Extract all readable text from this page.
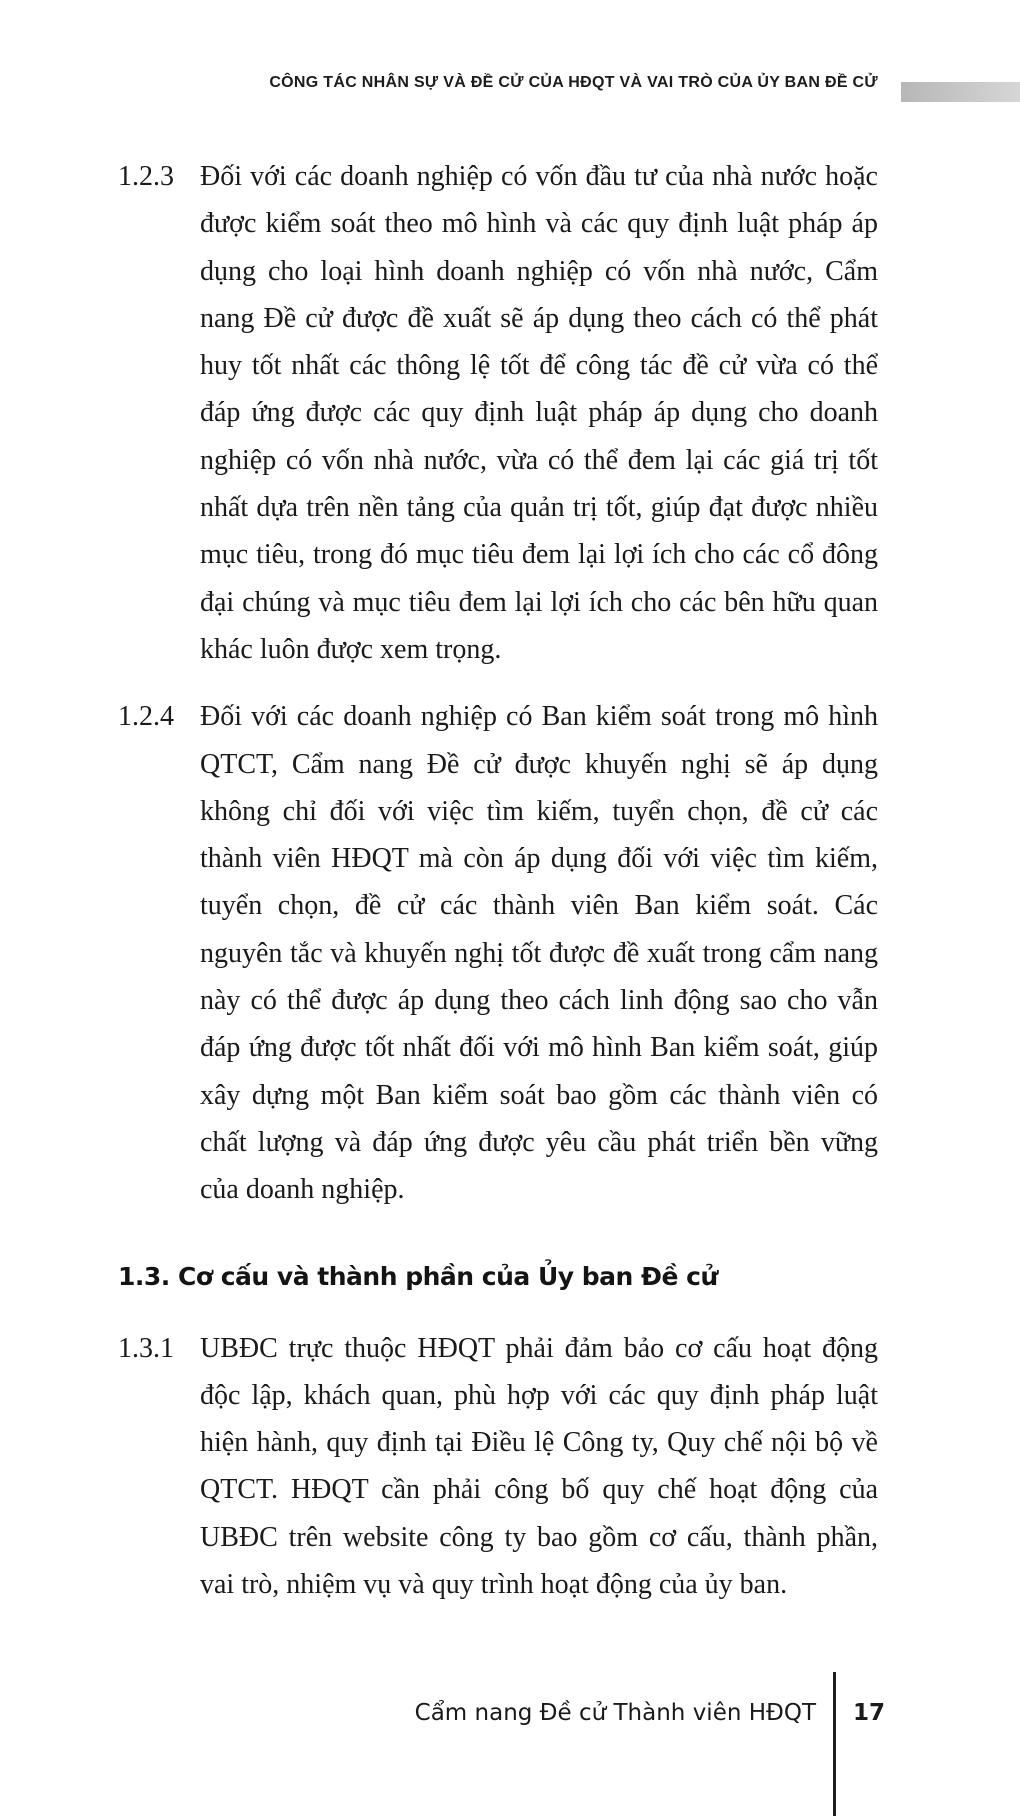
CÔNG TÁC NHÂN SỰ VÀ ĐỀ CỬ CỦA HĐQT VÀ VAI TRÒ CỦA ỦY BAN ĐỀ CỬ
1.2.3 Đối với các doanh nghiệp có vốn đầu tư của nhà nước hoặc được kiểm soát theo mô hình và các quy định luật pháp áp dụng cho loại hình doanh nghiệp có vốn nhà nước, Cẩm nang Đề cử được đề xuất sẽ áp dụng theo cách có thể phát huy tốt nhất các thông lệ tốt để công tác đề cử vừa có thể đáp ứng được các quy định luật pháp áp dụng cho doanh nghiệp có vốn nhà nước, vừa có thể đem lại các giá trị tốt nhất dựa trên nền tảng của quản trị tốt, giúp đạt được nhiều mục tiêu, trong đó mục tiêu đem lại lợi ích cho các cổ đông đại chúng và mục tiêu đem lại lợi ích cho các bên hữu quan khác luôn được xem trọng.
1.2.4 Đối với các doanh nghiệp có Ban kiểm soát trong mô hình QTCT, Cẩm nang Đề cử được khuyến nghị sẽ áp dụng không chỉ đối với việc tìm kiếm, tuyển chọn, đề cử các thành viên HĐQT mà còn áp dụng đối với việc tìm kiếm, tuyển chọn, đề cử các thành viên Ban kiểm soát. Các nguyên tắc và khuyến nghị tốt được đề xuất trong cẩm nang này có thể được áp dụng theo cách linh động sao cho vẫn đáp ứng được tốt nhất đối với mô hình Ban kiểm soát, giúp xây dựng một Ban kiểm soát bao gồm các thành viên có chất lượng và đáp ứng được yêu cầu phát triển bền vững của doanh nghiệp.
1.3. Cơ cấu và thành phần của Ủy ban Đề cử
1.3.1 UBĐC trực thuộc HĐQT phải đảm bảo cơ cấu hoạt động độc lập, khách quan, phù hợp với các quy định pháp luật hiện hành, quy định tại Điều lệ Công ty, Quy chế nội bộ về QTCT. HĐQT cần phải công bố quy chế hoạt động của UBĐC trên website công ty bao gồm cơ cấu, thành phần, vai trò, nhiệm vụ và quy trình hoạt động của ủy ban.
Cẩm nang Đề cử Thành viên HĐQT 17
